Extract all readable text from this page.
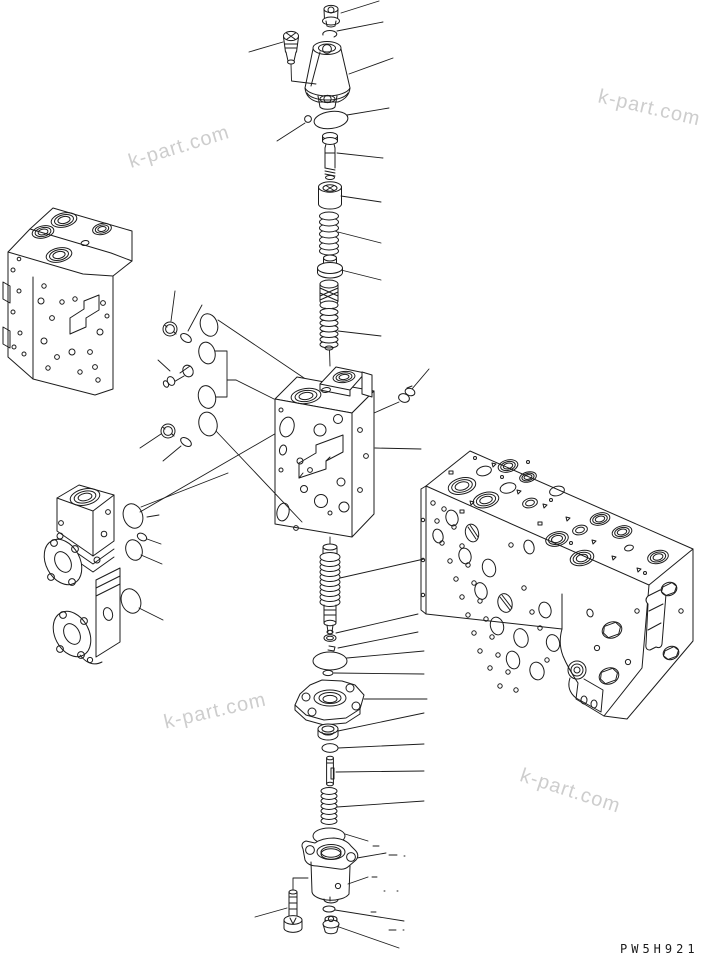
k-part.com
k-part.com
k-part.com
k-part.com
PW5H921
